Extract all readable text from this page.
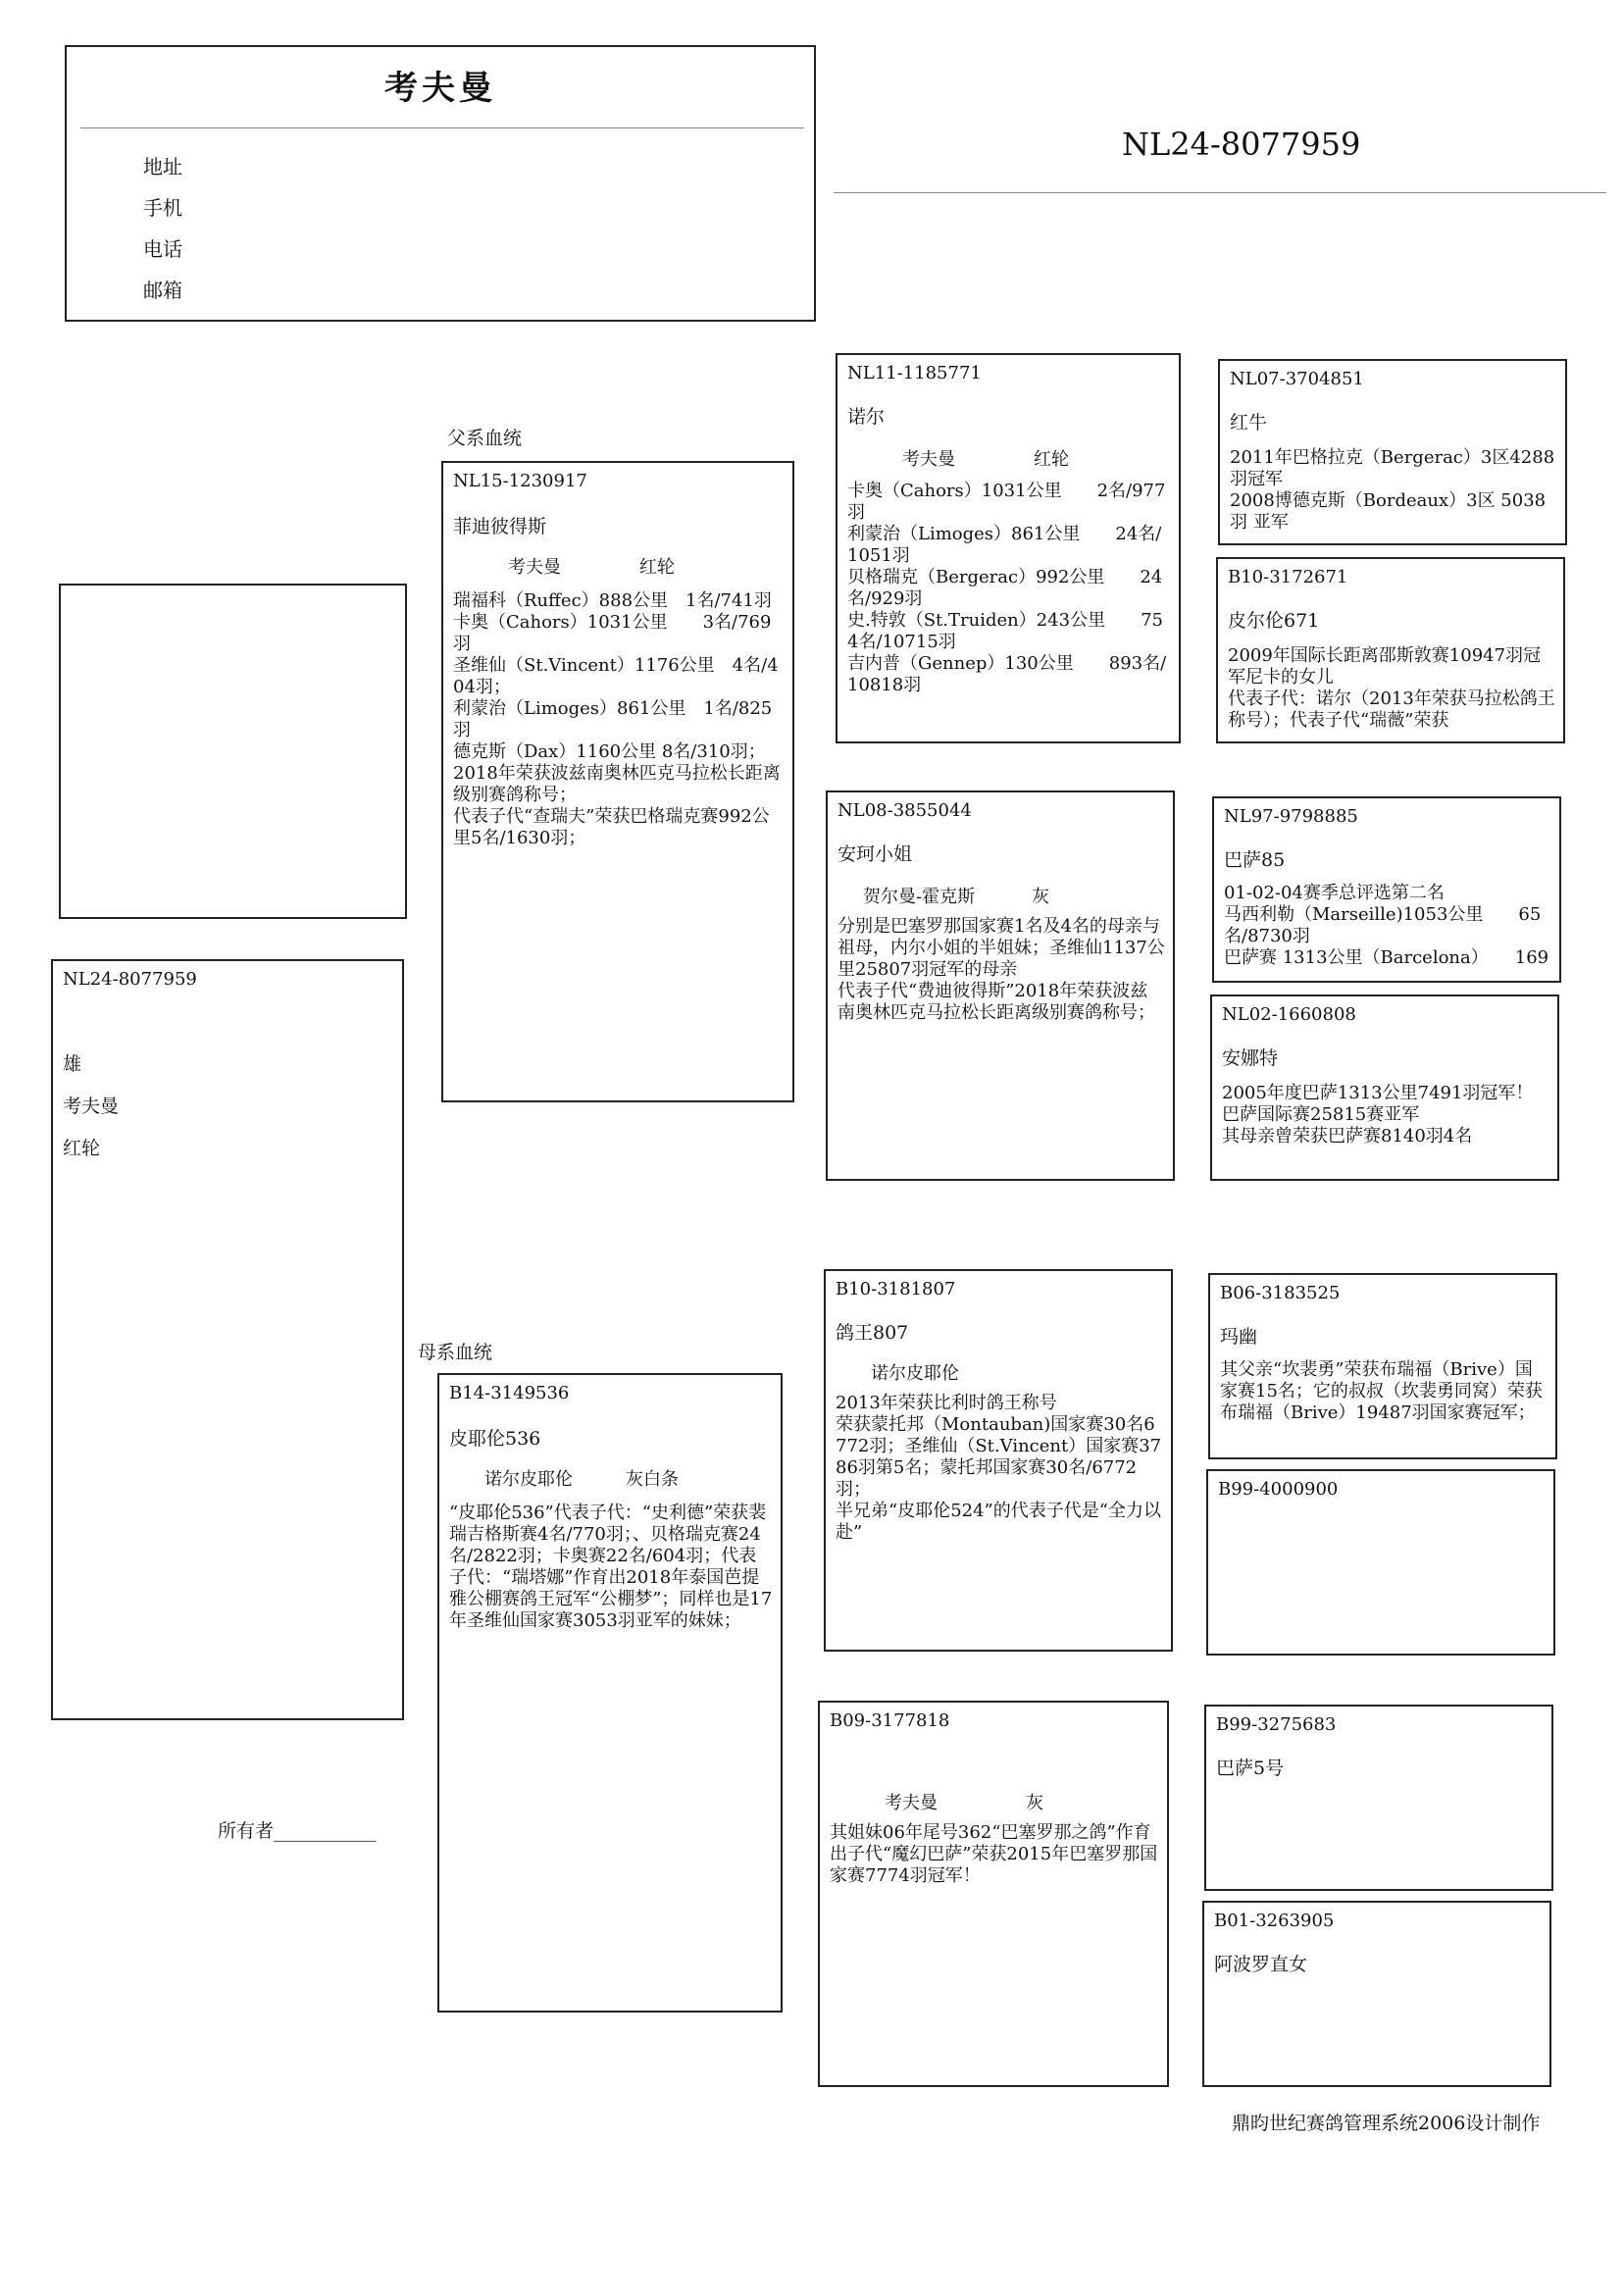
考夫曼
地址
手机
电话
邮箱
NL24-8077959
NL24-8077959
雄
考夫曼
红轮
所有者___________
父系血统
母系血统
NL15-1230917
菲迪彼得斯
考夫曼	红轮
瑞福科（Ruffec）888公里　1名/741羽
卡奥（Cahors）1031公里　　3名/769羽
圣维仙（St.Vincent）1176公里　4名/404羽；
利蒙治（Limoges）861公里　1名/825羽
德克斯（Dax）1160公里 8名/310羽；
2018年荣获波兹南奥林匹克马拉松长距离级别赛鸽称号；
代表子代“查瑞夫”荣获巴格瑞克赛992公里5名/1630羽；
B14-3149536
皮耶伦536
诺尔皮耶伦	灰白条
“皮耶伦536”代表子代：“史利德”荣获裴瑞吉格斯赛4名/770羽；、贝格瑞克赛24名/2822羽；卡奥赛22名/604羽；代表子代：“瑞塔娜”作育出2018年泰国芭提雅公棚赛鸽王冠军“公棚梦”；同样也是17年圣维仙国家赛3053羽亚军的妹妹；
NL11-1185771
诺尔
考夫曼	红轮
卡奥（Cahors）1031公里　　2名/977羽
利蒙治（Limoges）861公里　　24名/1051羽
贝格瑞克（Bergerac）992公里　　24名/929羽
史.特敦（St.Truiden）243公里　　754名/10715羽
吉内普（Gennep）130公里　　893名/10818羽
NL08-3855044
安珂小姐
贺尔曼-霍克斯	灰
分别是巴塞罗那国家赛1名及4名的母亲与祖母，内尔小姐的半姐妹；圣维仙1137公里25807羽冠军的母亲
代表子代“费迪彼得斯”2018年荣获波兹南奥林匹克马拉松长距离级别赛鸽称号；
B10-3181807
鸽王807
诺尔皮耶伦
2013年荣获比利时鸽王称号
荣获蒙托邦（Montauban)国家赛30名6772羽；圣维仙（St.Vincent）国家赛3786羽第5名；蒙托邦国家赛30名/6772羽；
半兄弟“皮耶伦524”的代表子代是“全力以赴”
B09-3177818
考夫曼	灰
其姐妹06年尾号362“巴塞罗那之鸽”作育出子代“魔幻巴萨”荣获2015年巴塞罗那国家赛7774羽冠军！
NL07-3704851
红牛
2011年巴格拉克（Bergerac）3区4288羽冠军
2008博德克斯（Bordeaux）3区 5038羽 亚军
B10-3172671
皮尔伦671
2009年国际长距离邵斯敦赛10947羽冠军尼卡的女儿
代表子代：诺尔（2013年荣获马拉松鸽王称号）；代表子代“瑞薇”荣获
NL97-9798885
巴萨85
01-02-04赛季总评选第二名
马西利勒（Marseille)1053公里　　65名/8730羽
巴萨赛 1313公里（Barcelona）　　169
NL02-1660808
安娜特
2005年度巴萨1313公里7491羽冠军！
巴萨国际赛25815赛亚军
其母亲曾荣获巴萨赛8140羽4名
B06-3183525
玛幽
其父亲“坎裴勇”荣获布瑞福（Brive）国家赛15名；它的叔叔（坎裴勇同窝）荣获布瑞福（Brive）19487羽国家赛冠军；
B99-4000900
B99-3275683
巴萨5号
B01-3263905
阿波罗直女
鼎昀世纪赛鸽管理系统2006设计制作
